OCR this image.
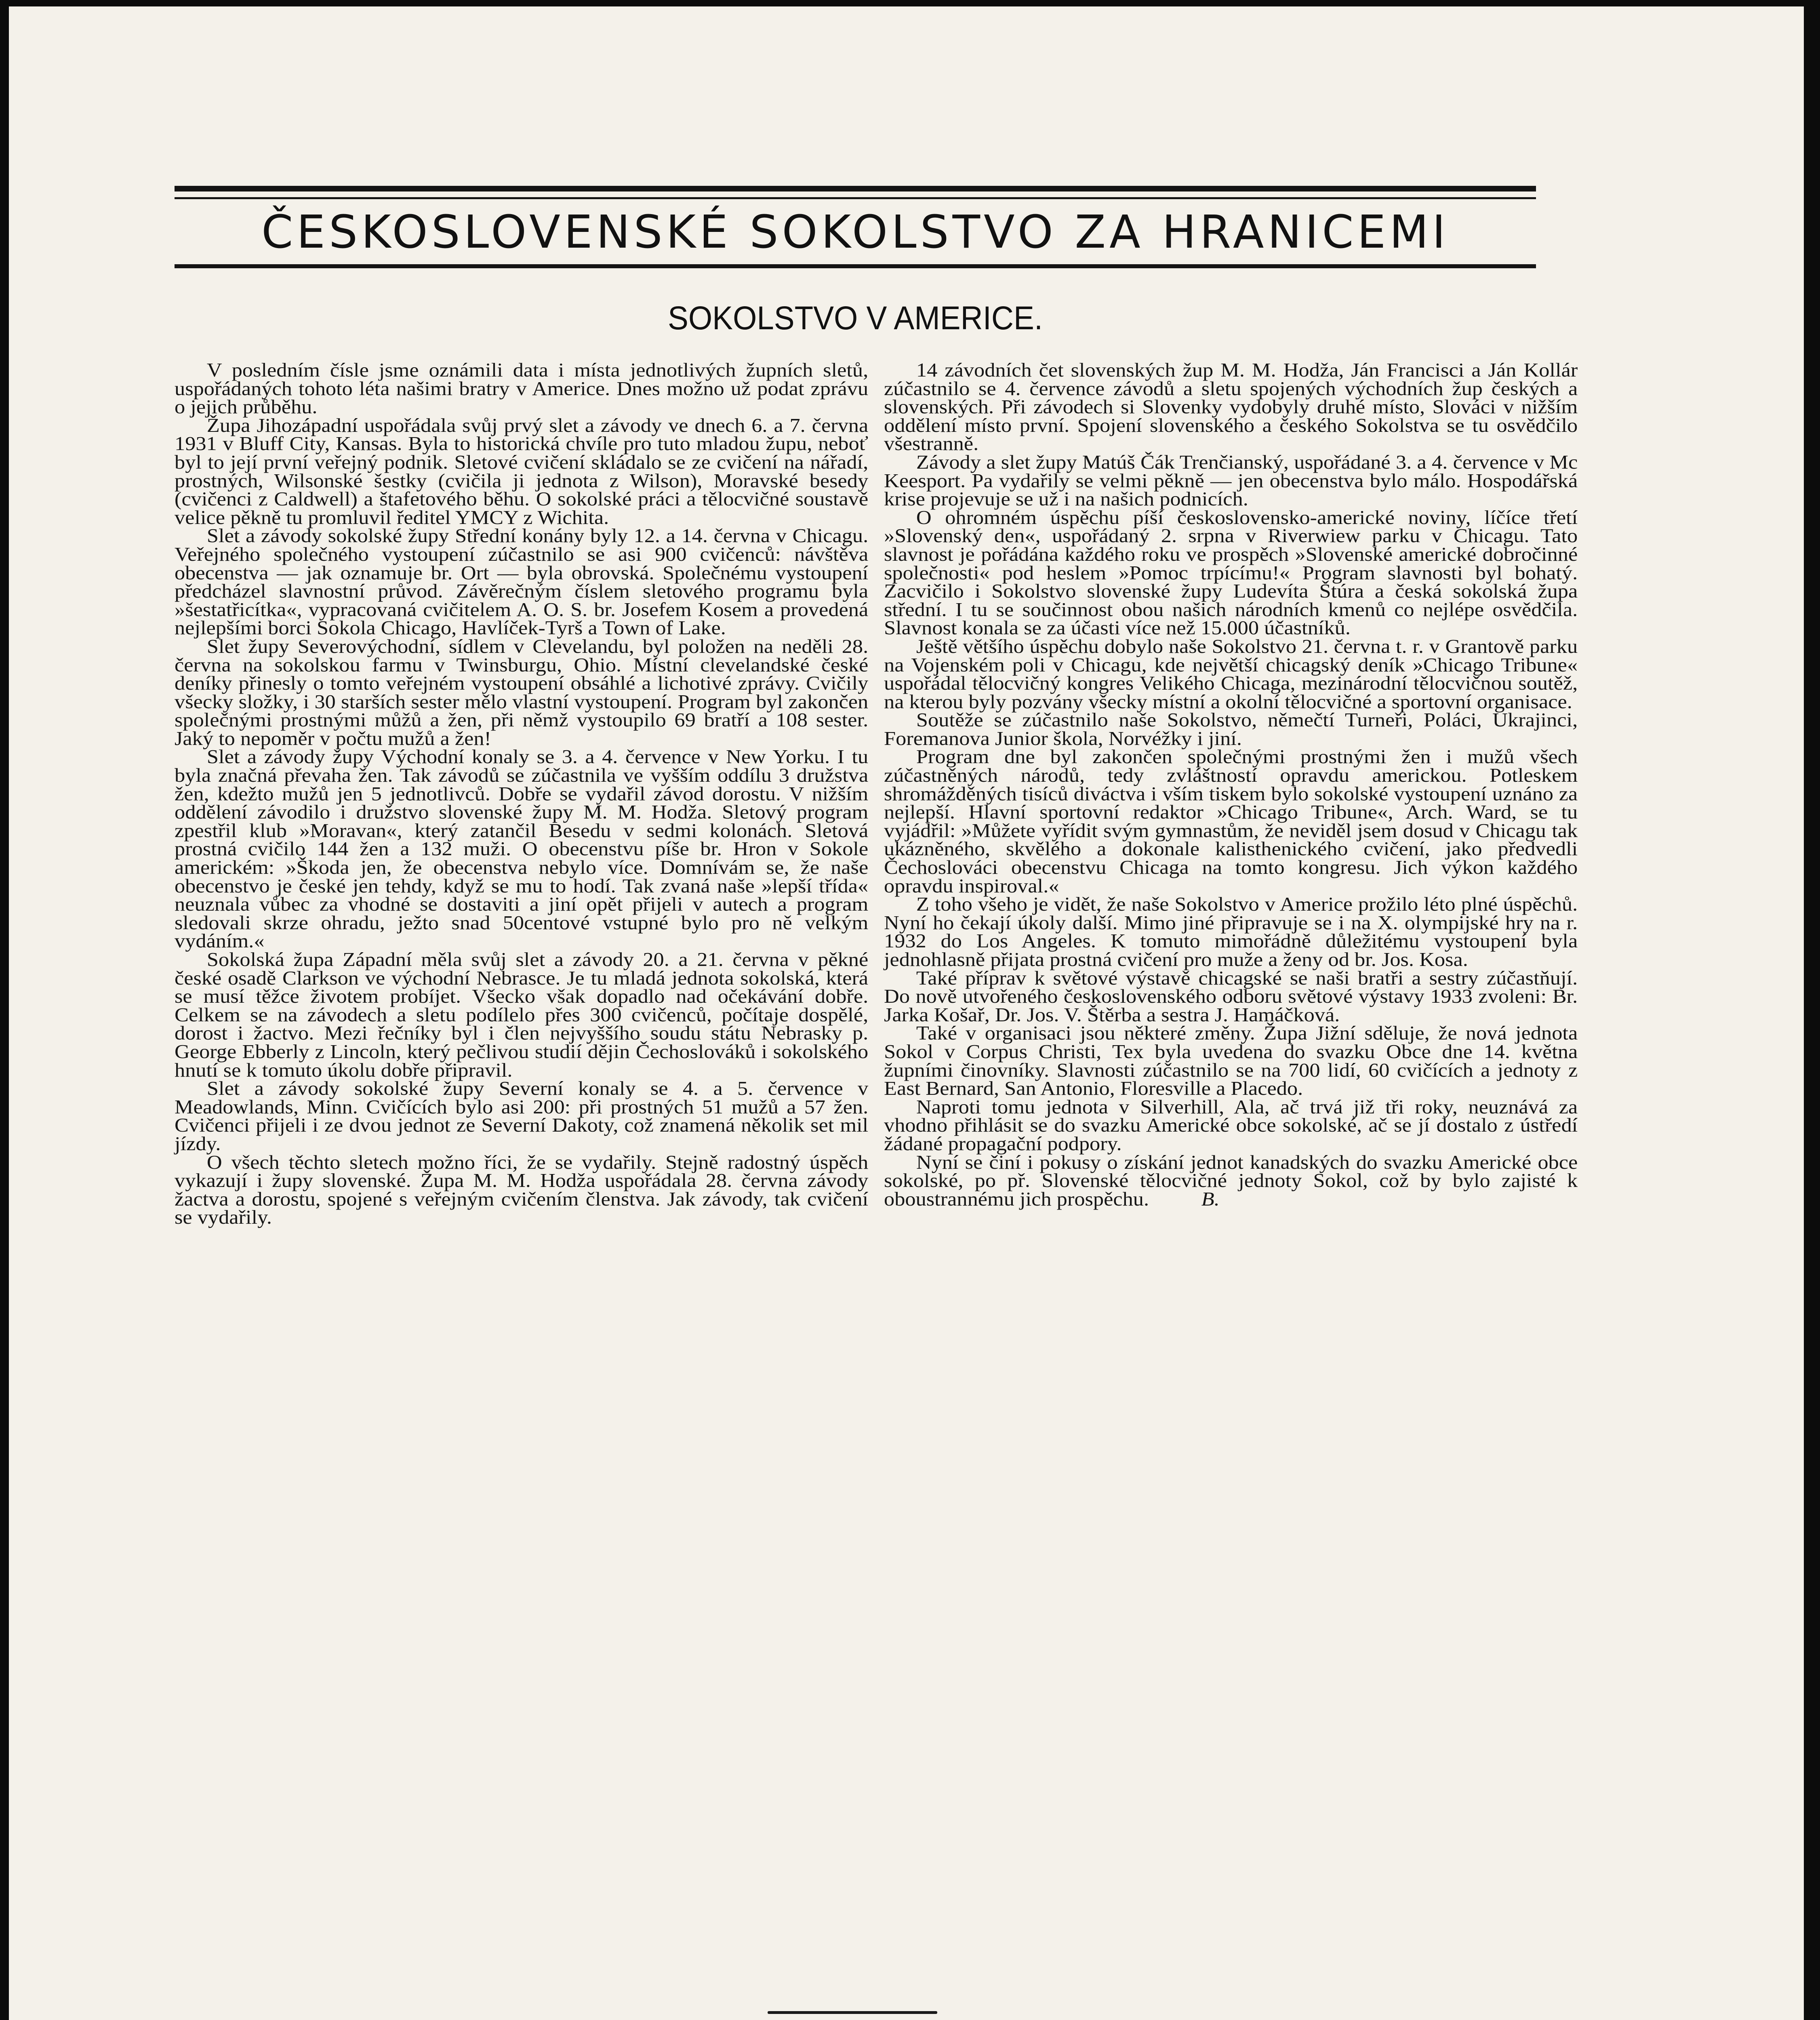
ČESKOSLOVENSKÉ SOKOLSTVO ZA HRANICEMI
SOKOLSTVO V AMERICE.

V posledním čísle jsme oznámili data i místa jednotlivých župních sletů, uspořádaných tohoto léta našimi bratry v Americe. Dnes možno už podat zprávu o jejich průběhu.

Župa Jihozápadní uspořádala svůj prvý slet a závody ve dnech 6. a 7. června 1931 v Bluff City, Kansas. Byla to historická chvíle pro tuto mladou župu, neboť byl to její první veřejný podnik. Sletové cvičení skládalo se ze cvičení na nářadí, prostných, Wilsonské šestky (cvičila ji jednota z Wilson), Moravské besedy (cvičenci z Caldwell) a štafetového běhu. O sokolské práci a tělocvičné soustavě velice pěkně tu promluvil ředitel YMCY z Wichita.

Slet a závody sokolské župy Střední konány byly 12. a 14. června v Chicagu. Veřejného společného vystoupení zúčastnilo se asi 900 cvičenců: návštěva obecenstva — jak oznamuje br. Ort — byla obrovská. Společnému vystoupení předcházel slavnostní průvod. Závěrečným číslem sletového programu byla »šestatřicítka«, vypracovaná cvičitelem A. O. S. br. Josefem Kosem a provedená nejlepšími borci Sokola Chicago, Havlíček-Tyrš a Town of Lake.

Slet župy Severovýchodní, sídlem v Clevelandu, byl položen na neděli 28. června na sokolskou farmu v Twinsburgu, Ohio. Místní clevelandské české deníky přinesly o tomto veřejném vystoupení obsáhlé a lichotivé zprávy. Cvičily všecky složky, i 30 starších sester mělo vlastní vystoupení. Program byl zakončen společnými prostnými můžů a žen, při němž vystoupilo 69 bratří a 108 sester. Jaký to nepoměr v počtu mužů a žen!

Slet a závody župy Východní konaly se 3. a 4. července v New Yorku. I tu byla značná převaha žen. Tak závodů se zúčastnila ve vyšším oddílu 3 družstva žen, kdežto mužů jen 5 jednotlivců. Dobře se vydařil závod dorostu. V nižším oddělení závodilo i družstvo slovenské župy M. M. Hodža. Sletový program zpestřil klub »Moravan«, který zatančil Besedu v sedmi kolonách. Sletová prostná cvičilo 144 žen a 132 muži. O obecenstvu píše br. Hron v Sokole americkém: »Škoda jen, že obecenstva nebylo více. Domnívám se, že naše obecenstvo je české jen tehdy, když se mu to hodí. Tak zvaná naše »lepší třída« neuznala vůbec za vhodné se dostaviti a jiní opět přijeli v autech a program sledovali skrze ohradu, ježto snad 50centové vstupné bylo pro ně velkým vydáním.«

Sokolská župa Západní měla svůj slet a závody 20. a 21. června v pěkné české osadě Clarkson ve východní Nebrasce. Je tu mladá jednota sokolská, která se musí těžce životem probíjet. Všecko však dopadlo nad očekávání dobře. Celkem se na závodech a sletu podílelo přes 300 cvičenců, počítaje dospělé, dorost i žactvo. Mezi řečníky byl i člen nejvyššího soudu státu Nebrasky p. George Ebberly z Lincoln, který pečlivou studií dějin Čechoslováků i sokolského hnutí se k tomuto úkolu dobře připravil.

Slet a závody sokolské župy Severní konaly se 4. a 5. července v Meadowlands, Minn. Cvičících bylo asi 200: při prostných 51 mužů a 57 žen. Cvičenci přijeli i ze dvou jednot ze Severní Dakoty, což znamená několik set mil jízdy.

O všech těchto sletech možno říci, že se vydařily. Stejně radostný úspěch vykazují i župy slovenské. Župa M. M. Hodža uspořádala 28. června závody žactva a dorostu, spojené s veřejným cvičením členstva. Jak závody, tak cvičení se vydařily.

14 závodních čet slovenských žup M. M. Hodža, Ján Francisci a Ján Kollár zúčastnilo se 4. července závodů a sletu spojených východních žup českých a slovenských. Při závodech si Slovenky vydobyly druhé místo, Slováci v nižším oddělení místo první. Spojení slovenského a českého Sokolstva se tu osvědčilo všestranně.

Závody a slet župy Matúš Čák Trenčianský, uspořádané 3. a 4. července v Mc Keesport. Pa vydařily se velmi pěkně — jen obecenstva bylo málo. Hospodářská krise projevuje se už i na našich podnicích.

O ohromném úspěchu píší československo-americké noviny, líčíce třetí »Slovenský den«, uspořádaný 2. srpna v Riverwiew parku v Chicagu. Tato slavnost je pořádána každého roku ve prospěch »Slovenské americké dobročinné společnosti« pod heslem »Pomoc trpícímu!« Program slavnosti byl bohatý. Zacvičilo i Sokolstvo slovenské župy Ludevíta Štúra a česká sokolská župa střední. I tu se součinnost obou našich národních kmenů co nejlépe osvědčila. Slavnost konala se za účasti více než 15.000 účastníků.

Ještě většího úspěchu dobylo naše Sokolstvo 21. června t. r. v Grantově parku na Vojenském poli v Chicagu, kde největší chicagský deník »Chicago Tribune« uspořádal tělocvičný kongres Velikého Chicaga, mezinárodní tělocvičnou soutěž, na kterou byly pozvány všecky místní a okolní tělocvičné a sportovní organisace.

Soutěže se zúčastnilo naše Sokolstvo, němečtí Turneři, Poláci, Ukrajinci, Foremanova Junior škola, Norvéžky i jiní.

Program dne byl zakončen společnými prostnými žen i mužů všech zúčastněných národů, tedy zvláštností opravdu americkou. Potleskem shromážděných tisíců diváctva i vším tiskem bylo sokolské vystoupení uznáno za nejlepší. Hlavní sportovní redaktor »Chicago Tribune«, Arch. Ward, se tu vyjádřil: »Můžete vyřídit svým gymnastům, že neviděl jsem dosud v Chicagu tak ukázněného, skvělého a dokonale kalisthenického cvičení, jako předvedli Čechoslováci obecenstvu Chicaga na tomto kongresu. Jich výkon každého opravdu inspiroval.«

Z toho všeho je vidět, že naše Sokolstvo v Americe prožilo léto plné úspěchů. Nyní ho čekají úkoly další. Mimo jiné připravuje se i na X. olympijské hry na r. 1932 do Los Angeles. K tomuto mimořádně důležitému vystoupení byla jednohlasně přijata prostná cvičení pro muže a ženy od br. Jos. Kosa.

Také příprav k světové výstavě chicagské se naši bratři a sestry zúčastňují. Do nově utvořeného československého odboru světové výstavy 1933 zvoleni: Br. Jarka Košař, Dr. Jos. V. Štěrba a sestra J. Hamáčková.

Také v organisaci jsou některé změny. Župa Jižní sděluje, že nová jednota Sokol v Corpus Christi, Tex byla uvedena do svazku Obce dne 14. května župními činovníky. Slavnosti zúčastnilo se na 700 lidí, 60 cvičících a jednoty z East Bernard, San Antonio, Floresville a Placedo.

Naproti tomu jednota v Silverhill, Ala, ač trvá již tři roky, neuznává za vhodno přihlásit se do svazku Americké obce sokolské, ač se jí dostalo z ústředí žádané propagační podpory.

Nyní se činí i pokusy o získání jednot kanadských do svazku Americké obce sokolské, po př. Slovenské tělocvičné jednoty Sokol, což by bylo zajisté k oboustrannému jich prospěchu.	B.
